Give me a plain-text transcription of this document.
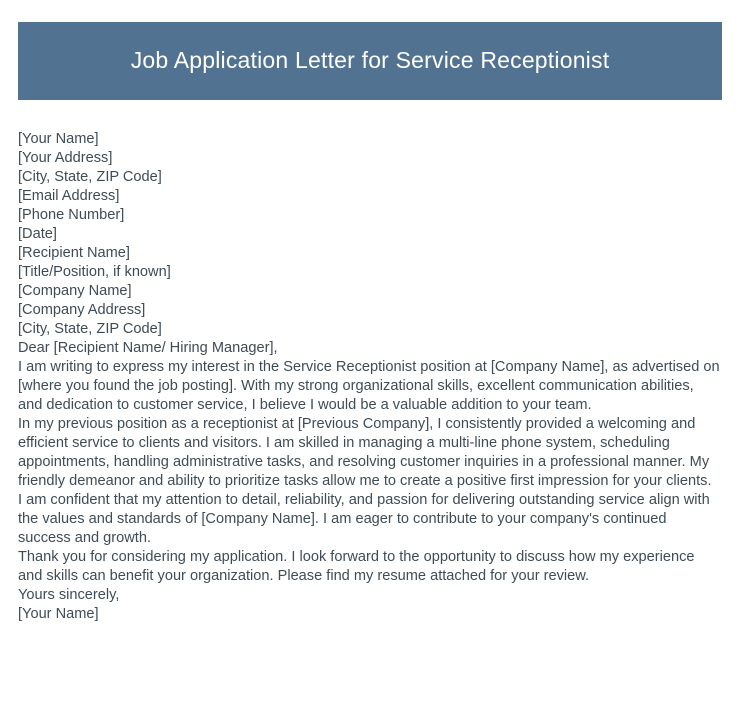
Job Application Letter for Service Receptionist
[Your Name]
[Your Address]
[City, State, ZIP Code]
[Email Address]
[Phone Number]
[Date]
[Recipient Name]
[Title/Position, if known]
[Company Name]
[Company Address]
[City, State, ZIP Code]
Dear [Recipient Name/ Hiring Manager],

I am writing to express my interest in the Service Receptionist position at [Company Name], as advertised on [where you found the job posting]. With my strong organizational skills, excellent communication abilities, and dedication to customer service, I believe I would be a valuable addition to your team.

In my previous position as a receptionist at [Previous Company], I consistently provided a welcoming and efficient service to clients and visitors. I am skilled in managing a multi-line phone system, scheduling appointments, handling administrative tasks, and resolving customer inquiries in a professional manner. My friendly demeanor and ability to prioritize tasks allow me to create a positive first impression for your clients.

I am confident that my attention to detail, reliability, and passion for delivering outstanding service align with the values and standards of [Company Name]. I am eager to contribute to your company's continued success and growth.

Thank you for considering my application. I look forward to the opportunity to discuss how my experience and skills can benefit your organization. Please find my resume attached for your review.

Yours sincerely,
[Your Name]
